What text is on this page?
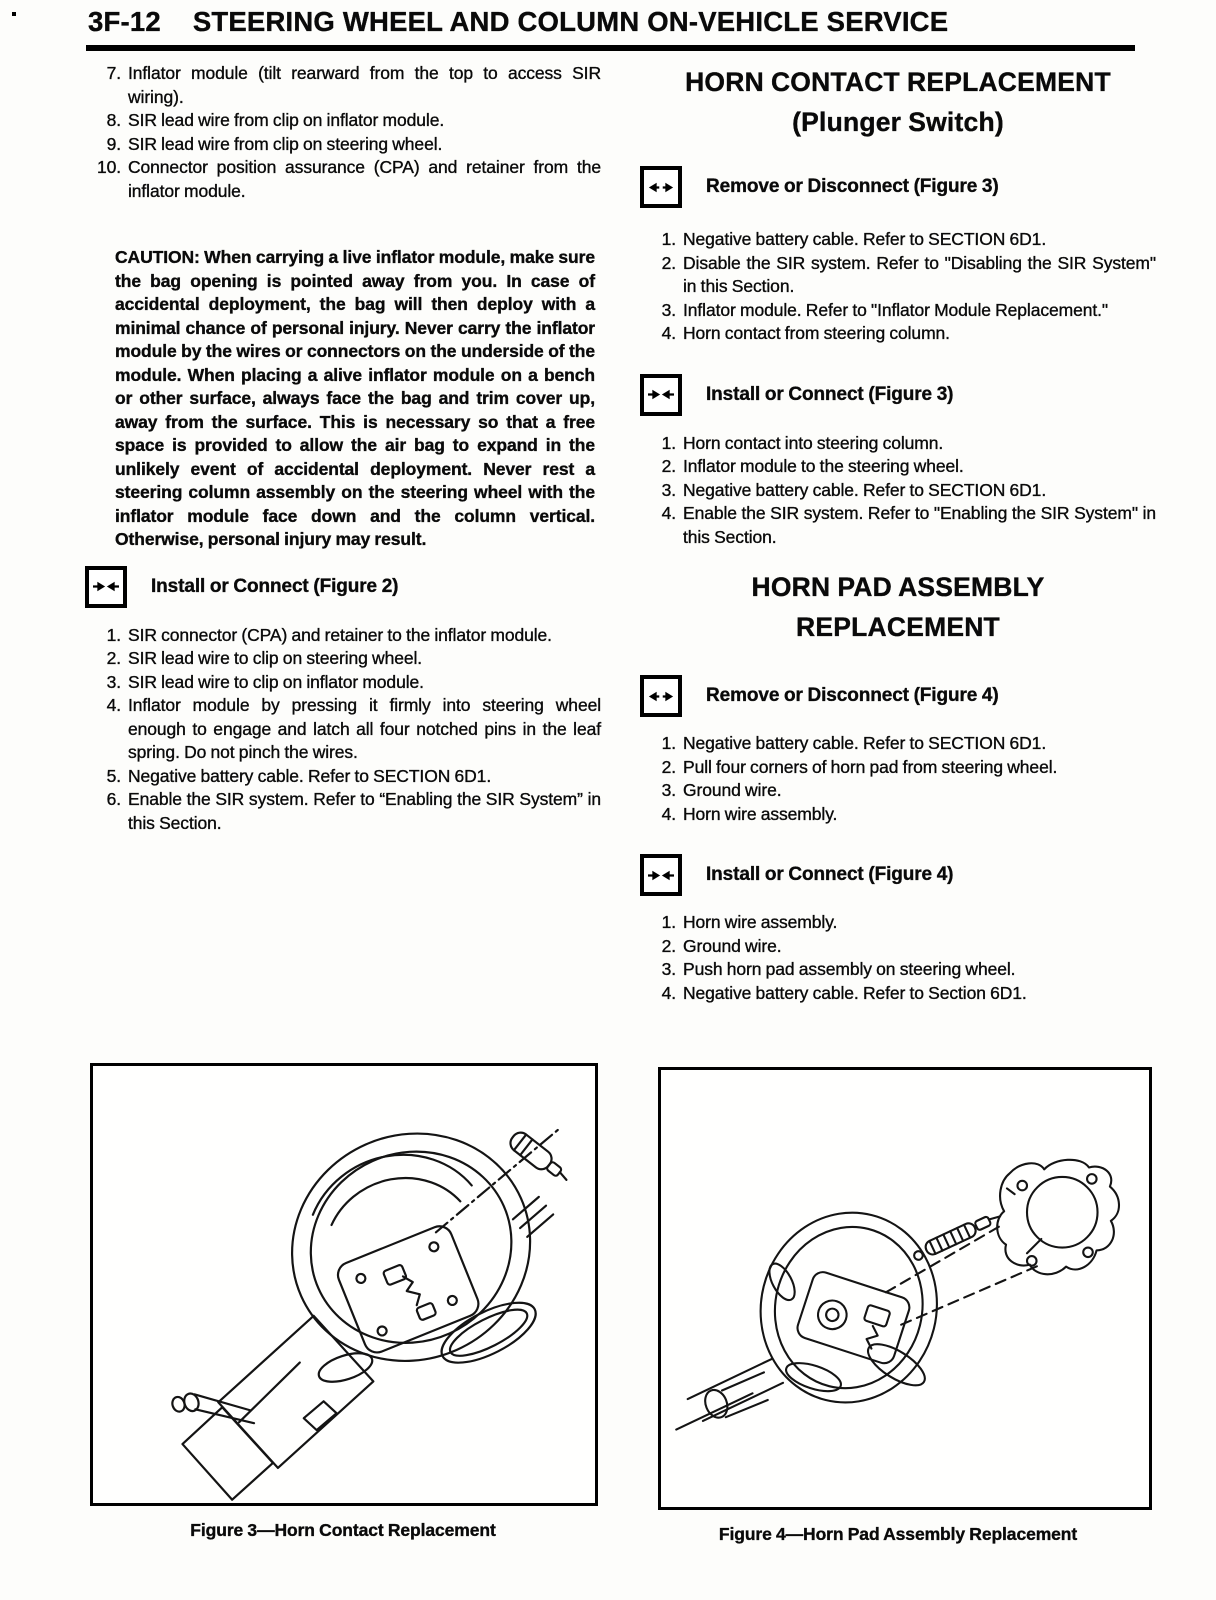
3F-12 STEERING WHEEL AND COLUMN ON-VEHICLE SERVICE
7. Inflator module (tilt rearward from the top to access SIR wiring).
8. SIR lead wire from clip on inflator module.
9. SIR lead wire from clip on steering wheel.
10. Connector position assurance (CPA) and retainer from the inflator module.
CAUTION: When carrying a live inflator module, make sure the bag opening is pointed away from you. In case of accidental deployment, the bag will then deploy with a minimal chance of personal injury. Never carry the inflator module by the wires or connectors on the underside of the module. When placing a alive inflator module on a bench or other surface, always face the bag and trim cover up, away from the surface. This is necessary so that a free space is provided to allow the air bag to expand in the unlikely event of accidental deployment. Never rest a steering column assembly on the steering wheel with the inflator module face down and the column vertical. Otherwise, personal injury may result.
Install or Connect (Figure 2)
1. SIR connector (CPA) and retainer to the inflator module.
2. SIR lead wire to clip on steering wheel.
3. SIR lead wire to clip on inflator module.
4. Inflator module by pressing it firmly into steering wheel enough to engage and latch all four notched pins in the leaf spring. Do not pinch the wires.
5. Negative battery cable. Refer to SECTION 6D1.
6. Enable the SIR system. Refer to “Enabling the SIR System” in this Section.
Figure 3—Horn Contact Replacement
HORN CONTACT REPLACEMENT
(Plunger Switch)
Remove or Disconnect (Figure 3)
1. Negative battery cable. Refer to SECTION 6D1.
2. Disable the SIR system. Refer to "Disabling the SIR System" in this Section.
3. Inflator module. Refer to "Inflator Module Replacement."
4. Horn contact from steering column.
Install or Connect (Figure 3)
1. Horn contact into steering column.
2. Inflator module to the steering wheel.
3. Negative battery cable. Refer to SECTION 6D1.
4. Enable the SIR system. Refer to "Enabling the SIR System" in this Section.
HORN PAD ASSEMBLY
REPLACEMENT
Remove or Disconnect (Figure 4)
1. Negative battery cable. Refer to SECTION 6D1.
2. Pull four corners of horn pad from steering wheel.
3. Ground wire.
4. Horn wire assembly.
Install or Connect (Figure 4)
1. Horn wire assembly.
2. Ground wire.
3. Push horn pad assembly on steering wheel.
4. Negative battery cable. Refer to Section 6D1.
Figure 4—Horn Pad Assembly Replacement
